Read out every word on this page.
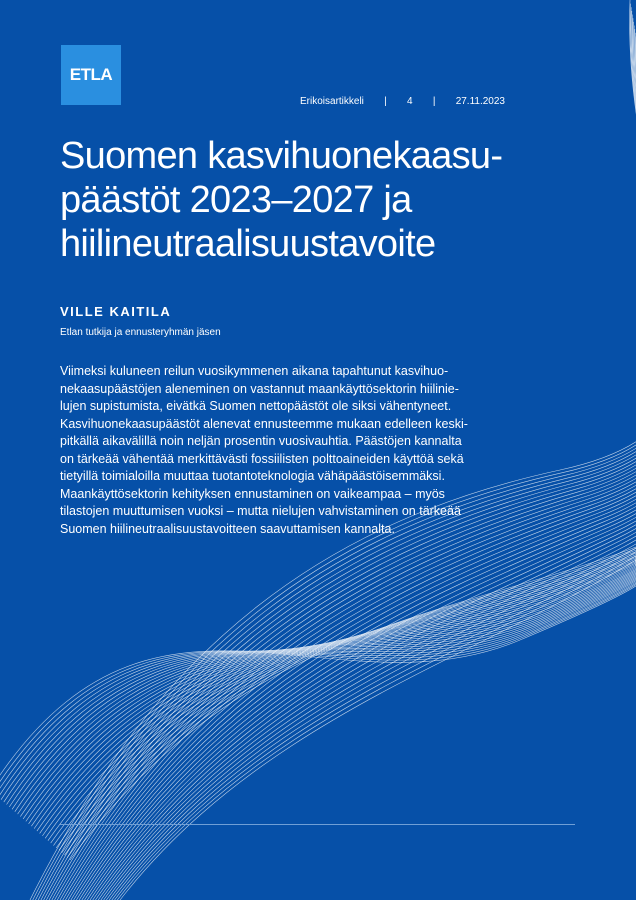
ETLA
Erikoisartikkeli | 4 | 27.11.2023
Suomen kasvihuonekaasu-
päästöt 2023–2027 ja
hiilineutraalisuustavoite
VILLE KAITILA
Etlan tutkija ja ennusteryhmän jäsen
Viimeksi kuluneen reilun vuosikymmenen aikana tapahtunut kasvihuo-
nekaasupäästöjen aleneminen on vastannut maankäyttösektorin hiilinie-
lujen supistumista, eivätkä Suomen nettopäästöt ole siksi vähentyneet.
Kasvihuonekaasupäästöt alenevat ennusteemme mukaan edelleen keski-
pitkällä aikavälillä noin neljän prosentin vuosivauhtia. Päästöjen kannalta
on tärkeää vähentää merkittävästi fossiilisten polttoaineiden käyttöä sekä
tietyillä toimialoilla muuttaa tuotantoteknologia vähäpäästöisemmäksi.
Maankäyttösektorin kehityksen ennustaminen on vaikeampaa – myös
tilastojen muuttumisen vuoksi – mutta nielujen vahvistaminen on tärkeää
Suomen hiilineutraalisuustavoitteen saavuttamisen kannalta.
